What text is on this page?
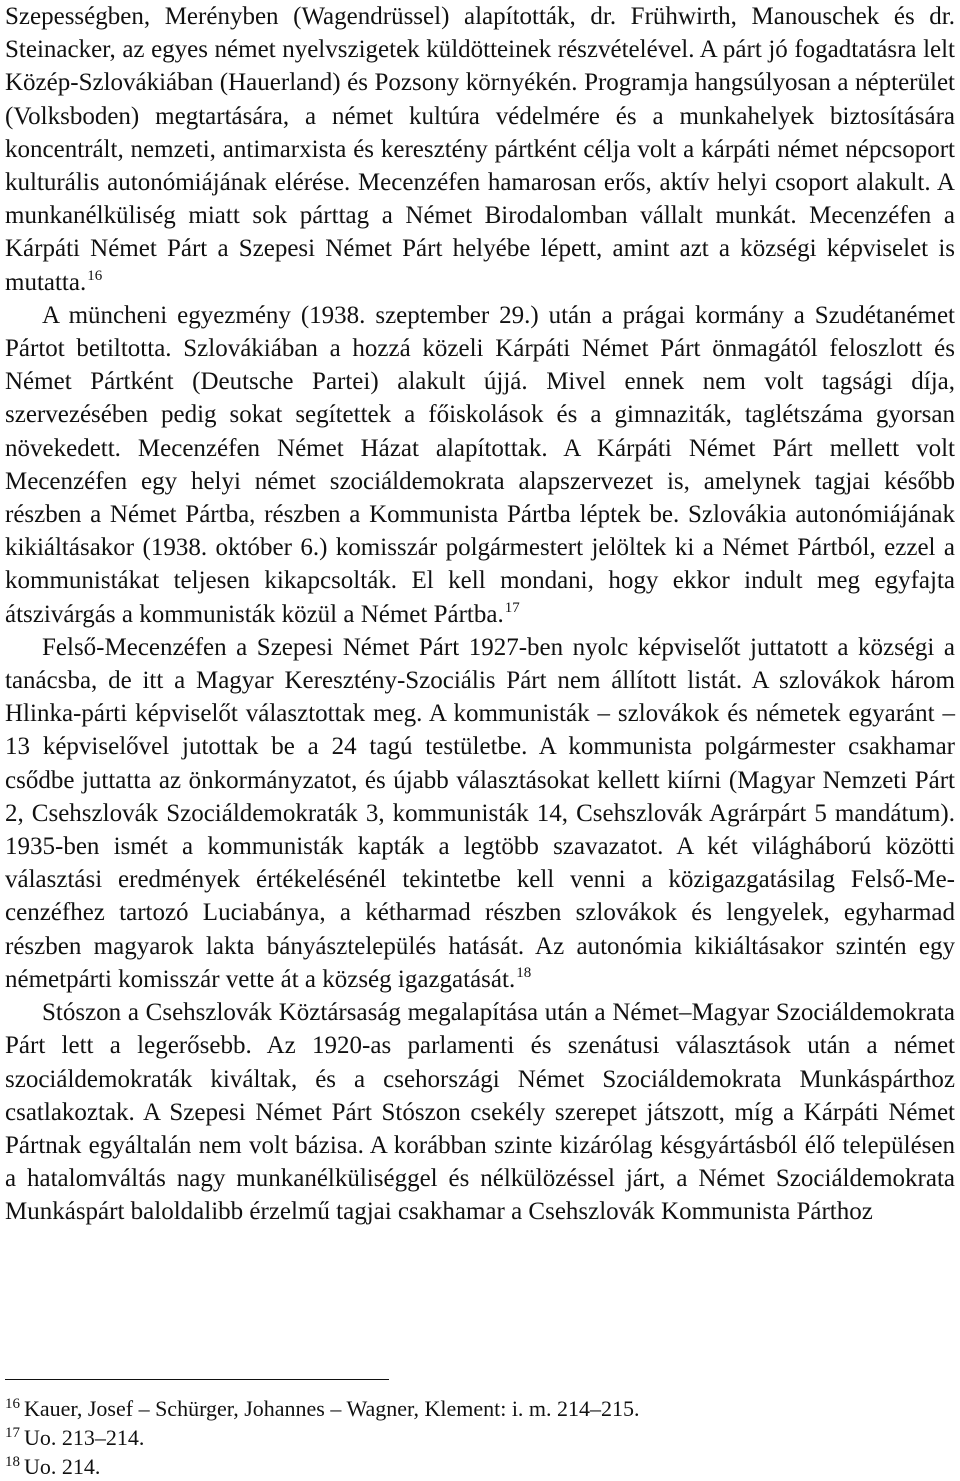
Szepességben, Merényben (Wagendrüssel) alapították, dr. Frühwirth, Manouschek és dr. Steinacker, az egyes német nyelvszigetek küldötteinek részvételével. A párt jó fogadtatásra lelt Közép-Szlovákiában (Hauerland) és Pozsony környékén. Programja hangsúlyosan a népterület (Volksboden) megtartására, a német kultúra védelmére és a munkahelyek biztosítására koncentrált, nemzeti, antimarxista és keresztény pártként célja volt a kárpáti német népcsoport kulturális autonómiájának elérése. Mecenzéfen hamarosan erős, aktív helyi csoport alakult. A munkanélküliség miatt sok párttag a Német Birodalomban vállalt munkát. Mecenzéfen a Kárpáti Német Párt a Szepesi Német Párt helyébe lépett, amint azt a községi képviselet is mutatta.$^{16}$

A müncheni egyezmény (1938. szeptember 29.) után a prágai kormány a Szudétanémet Pártot betiltotta. Szlovákiában a hozzá közeli Kárpáti Német Párt önmagától feloszlott és Német Pártként (Deutsche Partei) alakult újjá. Mivel ennek nem volt tagsági díja, szervezésében pedig sokat segítettek a főiskolások és a gimnaziták, taglétszáma gyorsan növekedett. Mecenzéfen Német Házat alapítottak. A Kárpáti Német Párt mellett volt Mecenzéfen egy helyi német szociáldemokrata alapszervezet is, amelynek tagjai később részben a Német Pártba, részben a Kommunista Pártba léptek be. Szlovákia autonómiájának kikiáltásakor (1938. október 6.) komisszár polgármestert jelöltek ki a Német Pártból, ezzel a kommunistákat teljesen kikapcsolták. El kell mondani, hogy ekkor indult meg egyfajta átszivárgás a kommunisták közül a Német Pártba.$^{17}$

Felső-Mecenzéfen a Szepesi Német Párt 1927-ben nyolc képviselőt juttatott a községi a tanácsba, de itt a Magyar Keresztény-Szociális Párt nem állított listát. A szlovákok három Hlinka-párti képviselőt választottak meg. A kommunisták – szlovákok és németek egyaránt – 13 képviselővel jutottak be a 24 tagú testületbe. A kommunista polgármester csakhamar csődbe juttatta az önkormányzatot, és újabb választásokat kellett kiírni (Magyar Nemzeti Párt 2, Csehszlovák Szociáldemokraták 3, kommunisták 14, Csehszlovák Agrárpárt 5 mandátum). 1935-ben ismét a kommunisták kapták a legtöbb szavazatot. A két világháború közötti választási eredmények értékelésénél tekintetbe kell venni a közigazgatásilag Felső-Mecenzéfhez tartozó Luciabánya, a kétharmad részben szlovákok és lengyelek, egyharmad részben magyarok lakta bányásztelepülés hatását. Az autonómia kikiáltásakor szintén egy németpárti komisszár vette át a község igazgatását.$^{18}$

Stószon a Csehszlovák Köztársaság megalapítása után a Német–Magyar Szociáldemokrata Párt lett a legerősebb. Az 1920-as parlamenti és szenátusi választások után a német szociáldemokraták kiváltak, és a csehországi Német Szociáldemokrata Munkáspárthoz csatlakoztak. A Szepesi Német Párt Stószon csekély szerepet játszott, míg a Kárpáti Német Pártnak egyáltalán nem volt bázisa. A korábban szinte kizárólag késgyártásból élő településen a hatalomváltás nagy munkanélküliséggel és nélkülözéssel járt, a Német Szociáldemokrata Munkáspárt baloldalibb érzelmű tagjai csakhamar a Csehszlovák Kommunista Párthoz

$^{16}$ Kauer, Josef – Schürger, Johannes – Wagner, Klement: i. m. 214–215.

$^{17}$ Uo. 213–214.

$^{18}$ Uo. 214.
